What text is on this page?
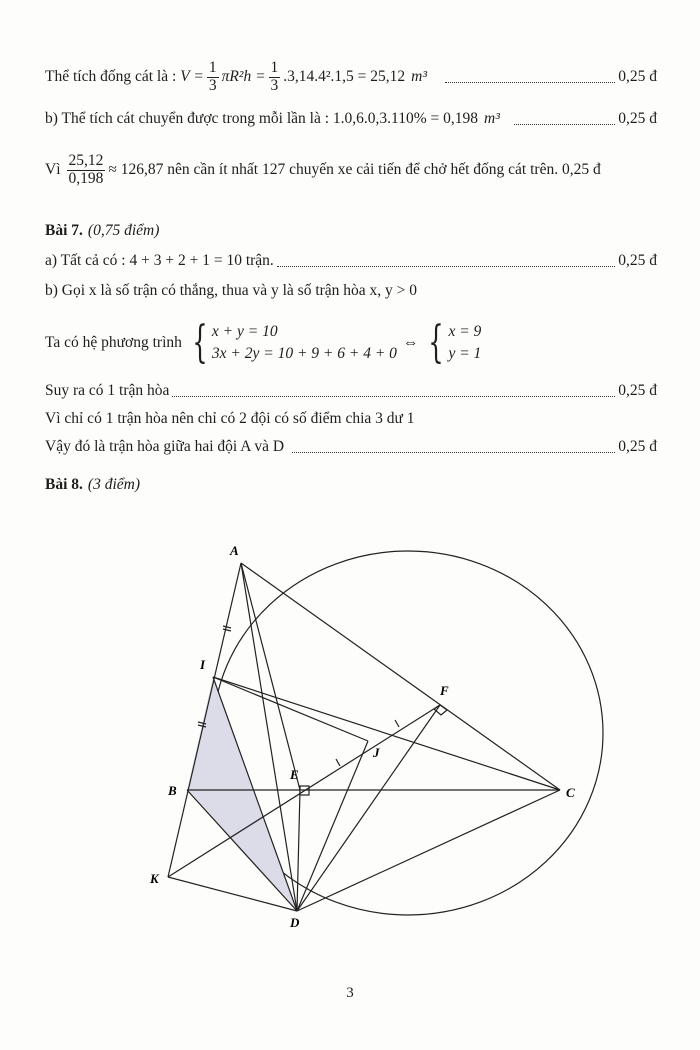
Thể tích đống cát là : $V = \frac{1}{3} \pi R^2h = \frac{1}{3} .3,14.4^2.1,5 = 25,12$ m³	0,25 đ
b) Thể tích cát chuyển được trong mỗi lần là : 1.0,6.0,3.110% = 0,198 m³	0,25 đ
Vì $\frac{25,12}{0,198} \approx 126,87$ nên cần ít nhất 127 chuyến xe cải tiến để chở hết đống cát trên. 0,25 đ
Bài 7. (0,75 điểm)
a) Tất cả có : 4 + 3 + 2 + 1 = 10 trận.	0,25 đ
b) Gọi x là số trận có thắng, thua và y là số trận hòa x, y > 0
Ta có hệ phương trình { x + y = 10
3x + 2y = 10 + 9 + 6 + 4 + 0
⇔ { x = 9
y = 1
Suy ra có 1 trận hòa	0,25 đ
Vì chỉ có 1 trận hòa nên chỉ có 2 đội có số điểm chia 3 dư 1
Vậy đó là trận hòa giữa hai đội A và D	0,25 đ
Bài 8. (3 điểm)
A
I
F
J
E
B	C
K
D
3
